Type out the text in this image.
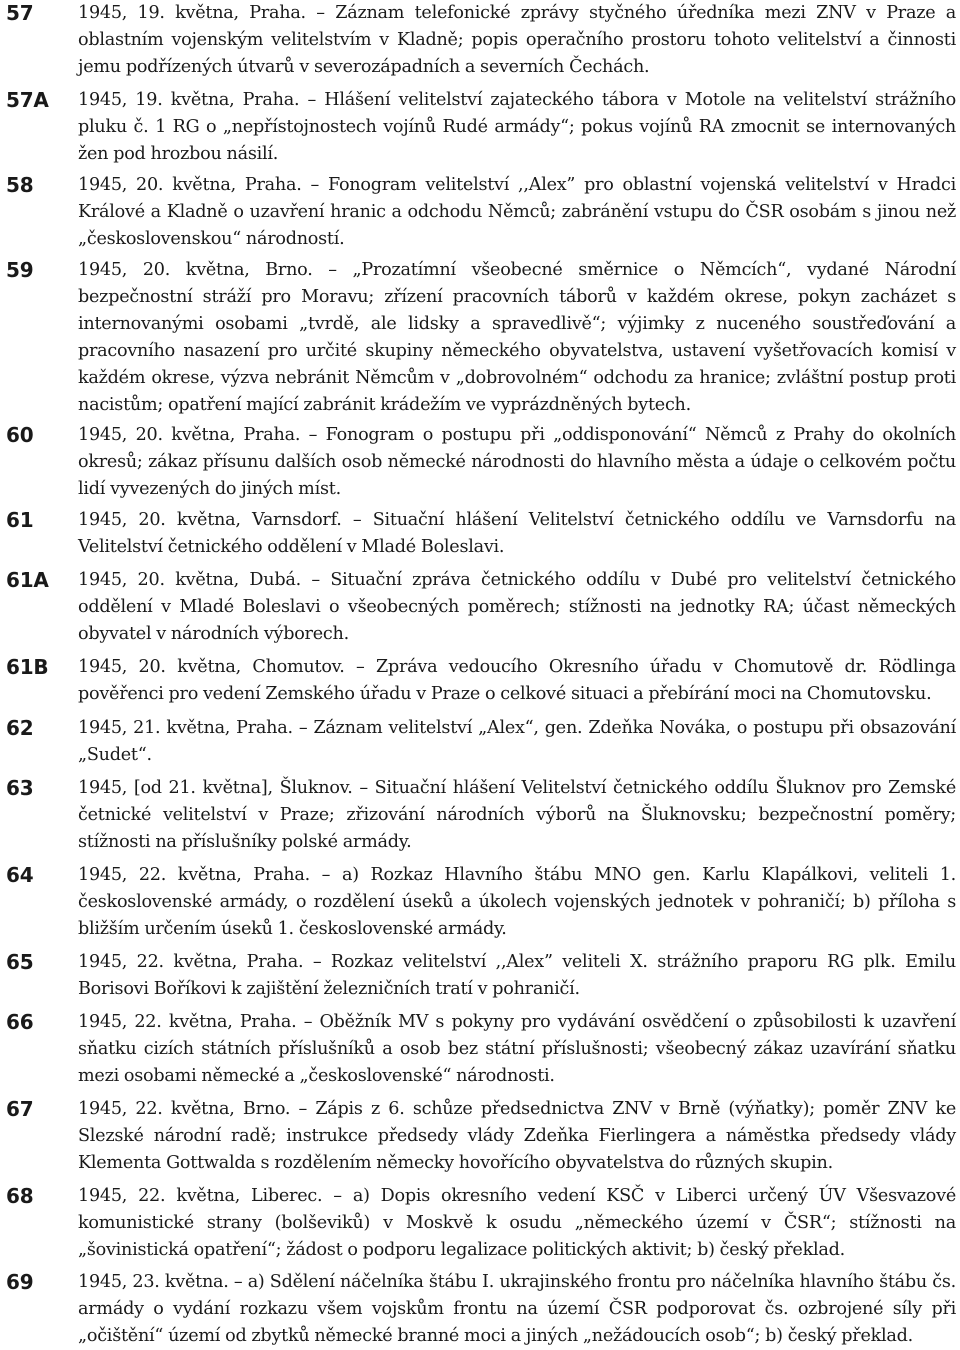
57	1945, 19. května, Praha. – Záznam telefonické zprávy styčného úředníka mezi ZNV v Praze a oblastním vojenským velitelstvím v Kladně; popis operačního prostoru tohoto velitelství a činnosti jemu podřízených útvarů v severozápadních a severních Čechách.

57A 1945, 19. května, Praha. – Hlášení velitelství zajateckého tábora v Motole na velitelství strážního pluku č. 1 RG o „nepřístojnostech vojínů Rudé armády“; pokus vojínů RA zmocnit se internovaných žen pod hrozbou násilí.

58	1945, 20. května, Praha. – Fonogram velitelství ,,Alex” pro oblastní vojenská velitelství v Hradci Králové a Kladně o uzavření hranic a odchodu Němců; zabránění vstupu do ČSR osobám s jinou než „československou“ národností.

59	1945, 20. května, Brno. – „Prozatímní všeobecné směrnice o Němcích“, vydané Národní bezpečnostní stráží pro Moravu; zřízení pracovních táborů v každém okrese, pokyn zacházet s internovanými osobami „tvrdě, ale lidsky a spravedlivě“; výjimky z nuceného soustřeďování a pracovního nasazení pro určité skupiny německého obyvatelstva, ustavení vyšetřovacích komisí v každém okrese, výzva nebránit Němcům v „dobrovolném“ odchodu za hranice; zvláštní postup proti nacistům; opatření mající zabránit krádežím ve vyprázdněných bytech.

60	1945, 20. května, Praha. – Fonogram o postupu při „oddisponování“ Němců z Prahy do okolních okresů; zákaz přísunu dalších osob německé národnosti do hlavního města a údaje o celkovém počtu lidí vyvezených do jiných míst.

61	1945, 20. května, Varnsdorf. – Situační hlášení Velitelství četnického oddílu ve Varnsdorfu na Velitelství četnického oddělení v Mladé Boleslavi.

61A 1945, 20. května, Dubá. – Situační zpráva četnického oddílu v Dubé pro velitelství četnického oddělení v Mladé Boleslavi o všeobecných poměrech; stížnosti na jednotky RA; účast německých obyvatel v národních výborech.

61B 1945, 20. května, Chomutov. – Zpráva vedoucího Okresního úřadu v Chomutově dr. Rödlinga pověřenci pro vedení Zemského úřadu v Praze o celkové situaci a přebírání moci na Chomutovsku.

62	1945, 21. května, Praha. – Záznam velitelství „Alex“, gen. Zdeňka Nováka, o postupu při obsazování „Sudet“.

63	1945, [od 21. května], Šluknov. – Situační hlášení Velitelství četnického oddílu Šluknov pro Zemské četnické velitelství v Praze; zřizování národních výborů na Šluknovsku; bezpečnostní poměry; stížnosti na příslušníky polské armády.

64	1945, 22. května, Praha. – a) Rozkaz Hlavního štábu MNO gen. Karlu Klapálkovi, veliteli 1. československé armády, o rozdělení úseků a úkolech vojenských jednotek v pohraničí; b) příloha s bližším určením úseků 1. československé armády.

65	1945, 22. května, Praha. – Rozkaz velitelství ,,Alex” veliteli X. strážního praporu RG plk. Emilu Borisovi Boříkovi k zajištění železničních tratí v pohraničí.

66	1945, 22. května, Praha. – Oběžník MV s pokyny pro vydávání osvědčení o způsobilosti k uzavření sňatku cizích státních příslušníků a osob bez státní příslušnosti; všeobecný zákaz uzavírání sňatku mezi osobami německé a „československé“ národnosti.

67	1945, 22. května, Brno. – Zápis z 6. schůze předsednictva ZNV v Brně (výňatky); poměr ZNV ke Slezské národní radě; instrukce předsedy vlády Zdeňka Fierlingera a náměstka předsedy vlády Klementa Gottwalda s rozdělením německy hovořícího obyvatelstva do různých skupin.

68	1945, 22. května, Liberec. – a) Dopis okresního vedení KSČ v Liberci určený ÚV Všesvazové komunistické strany (bolševiků) v Moskvě k osudu „německého území v ČSR“; stížnosti na „šovinistická opatření“; žádost o podporu legalizace politických aktivit; b) český překlad.

69	1945, 23. května. – a) Sdělení náčelníka štábu I. ukrajinského frontu pro náčelníka hlavního štábu čs. armády o vydání rozkazu všem vojskům frontu na území ČSR podporovat čs. ozbrojené síly při „očištění“ území od zbytků německé branné moci a jiných „nežádoucích osob“; b) český překlad.
